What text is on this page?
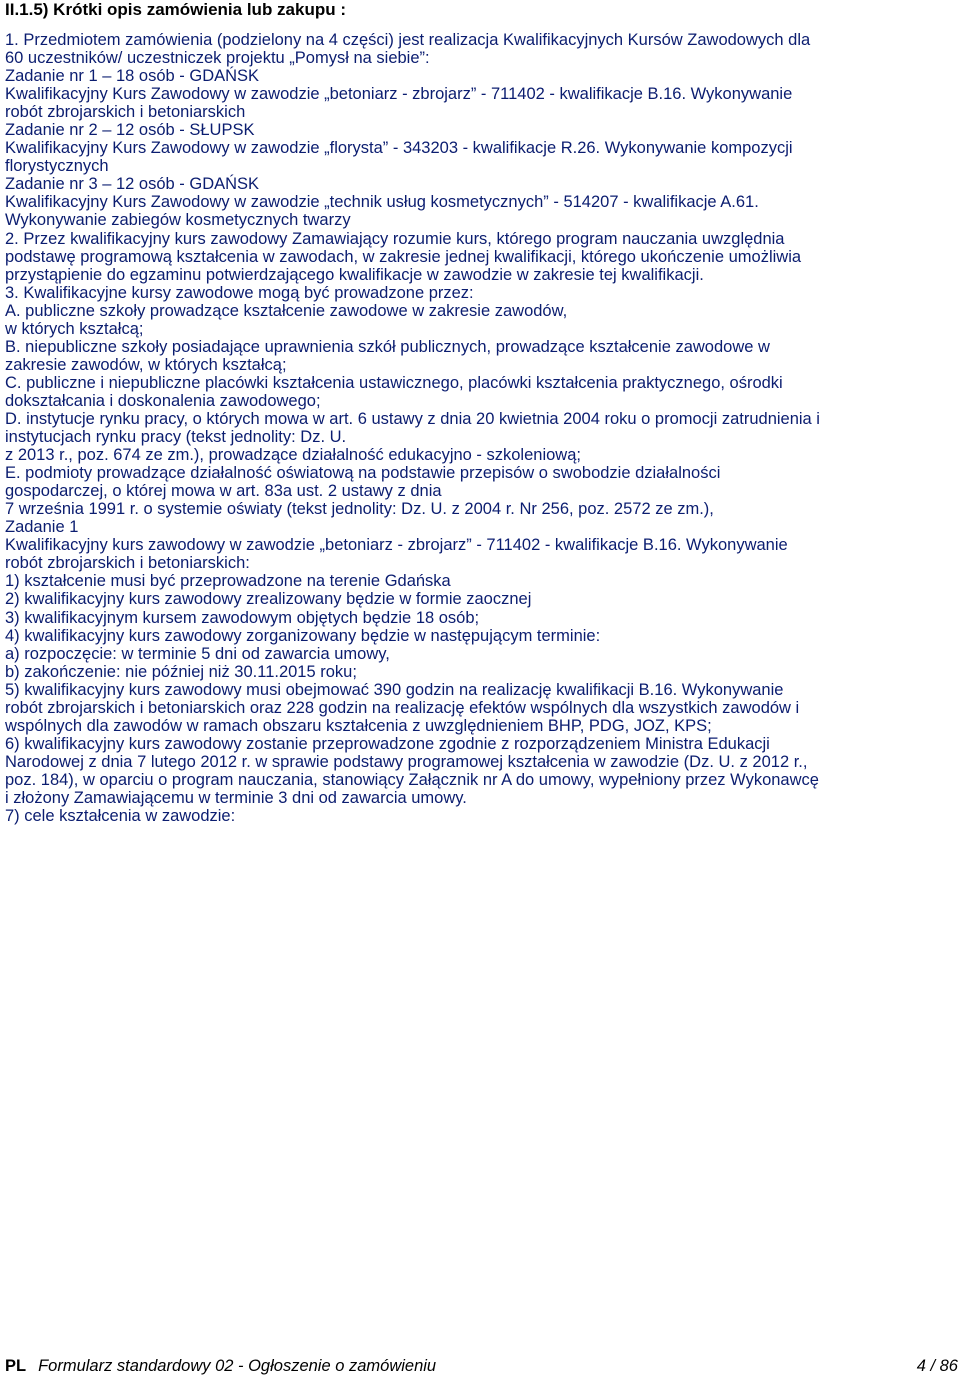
II.1.5) Krótki opis zamówienia lub zakupu :
1. Przedmiotem zamówienia (podzielony na 4 części) jest realizacja Kwalifikacyjnych Kursów Zawodowych dla
60 uczestników/ uczestniczek projektu „Pomysł na siebie”:
Zadanie nr 1 – 18 osób - GDAŃSK
Kwalifikacyjny Kurs Zawodowy w zawodzie „betoniarz - zbrojarz” - 711402 - kwalifikacje B.16. Wykonywanie
robót zbrojarskich i betoniarskich
Zadanie nr 2 – 12 osób - SŁUPSK
Kwalifikacyjny Kurs Zawodowy w zawodzie „florysta” - 343203 - kwalifikacje R.26. Wykonywanie kompozycji
florystycznych
Zadanie nr 3 – 12 osób - GDAŃSK
Kwalifikacyjny Kurs Zawodowy w zawodzie „technik usług kosmetycznych” - 514207 - kwalifikacje A.61.
Wykonywanie zabiegów kosmetycznych twarzy
2. Przez kwalifikacyjny kurs zawodowy Zamawiający rozumie kurs, którego program nauczania uwzględnia
podstawę programową kształcenia w zawodach, w zakresie jednej kwalifikacji, którego ukończenie umożliwia
przystąpienie do egzaminu potwierdzającego kwalifikacje w zawodzie w zakresie tej kwalifikacji.
3. Kwalifikacyjne kursy zawodowe mogą być prowadzone przez:
A. publiczne szkoły prowadzące kształcenie zawodowe w zakresie zawodów,
w których kształcą;
B. niepubliczne szkoły posiadające uprawnienia szkół publicznych, prowadzące kształcenie zawodowe w
zakresie zawodów, w których kształcą;
C. publiczne i niepubliczne placówki kształcenia ustawicznego, placówki kształcenia praktycznego, ośrodki
dokształcania i doskonalenia zawodowego;
D. instytucje rynku pracy, o których mowa w art. 6 ustawy z dnia 20 kwietnia 2004 roku o promocji zatrudnienia i
instytucjach rynku pracy (tekst jednolity: Dz. U.
z 2013 r., poz. 674 ze zm.), prowadzące działalność edukacyjno - szkoleniową;
E. podmioty prowadzące działalność oświatową na podstawie przepisów o swobodzie działalności
gospodarczej, o której mowa w art. 83a ust. 2 ustawy z dnia
7 września 1991 r. o systemie oświaty (tekst jednolity: Dz. U. z 2004 r. Nr 256, poz. 2572 ze zm.),
Zadanie 1
Kwalifikacyjny kurs zawodowy w zawodzie „betoniarz - zbrojarz” - 711402 - kwalifikacje B.16. Wykonywanie
robót zbrojarskich i betoniarskich:
1) kształcenie musi być przeprowadzone na terenie Gdańska
2) kwalifikacyjny kurs zawodowy zrealizowany będzie w formie zaocznej
3) kwalifikacyjnym kursem zawodowym objętych będzie 18 osób;
4) kwalifikacyjny kurs zawodowy zorganizowany będzie w następującym terminie:
a) rozpoczęcie: w terminie 5 dni od zawarcia umowy,
b) zakończenie: nie później niż 30.11.2015 roku;
5) kwalifikacyjny kurs zawodowy musi obejmować 390 godzin na realizację kwalifikacji B.16. Wykonywanie
robót zbrojarskich i betoniarskich oraz 228 godzin na realizację efektów wspólnych dla wszystkich zawodów i
wspólnych dla zawodów w ramach obszaru kształcenia z uwzględnieniem BHP, PDG, JOZ, KPS;
6) kwalifikacyjny kurs zawodowy zostanie przeprowadzone zgodnie z rozporządzeniem Ministra Edukacji
Narodowej z dnia 7 lutego 2012 r. w sprawie podstawy programowej kształcenia w zawodzie (Dz. U. z 2012 r.,
poz. 184), w oparciu o program nauczania, stanowiący Załącznik nr A do umowy, wypełniony przez Wykonawcę
i złożony Zamawiającemu w terminie 3 dni od zawarcia umowy.
7) cele kształcenia w zawodzie:
PL Formularz standardowy 02 - Ogłoszenie o zamówieniu	4 / 86
